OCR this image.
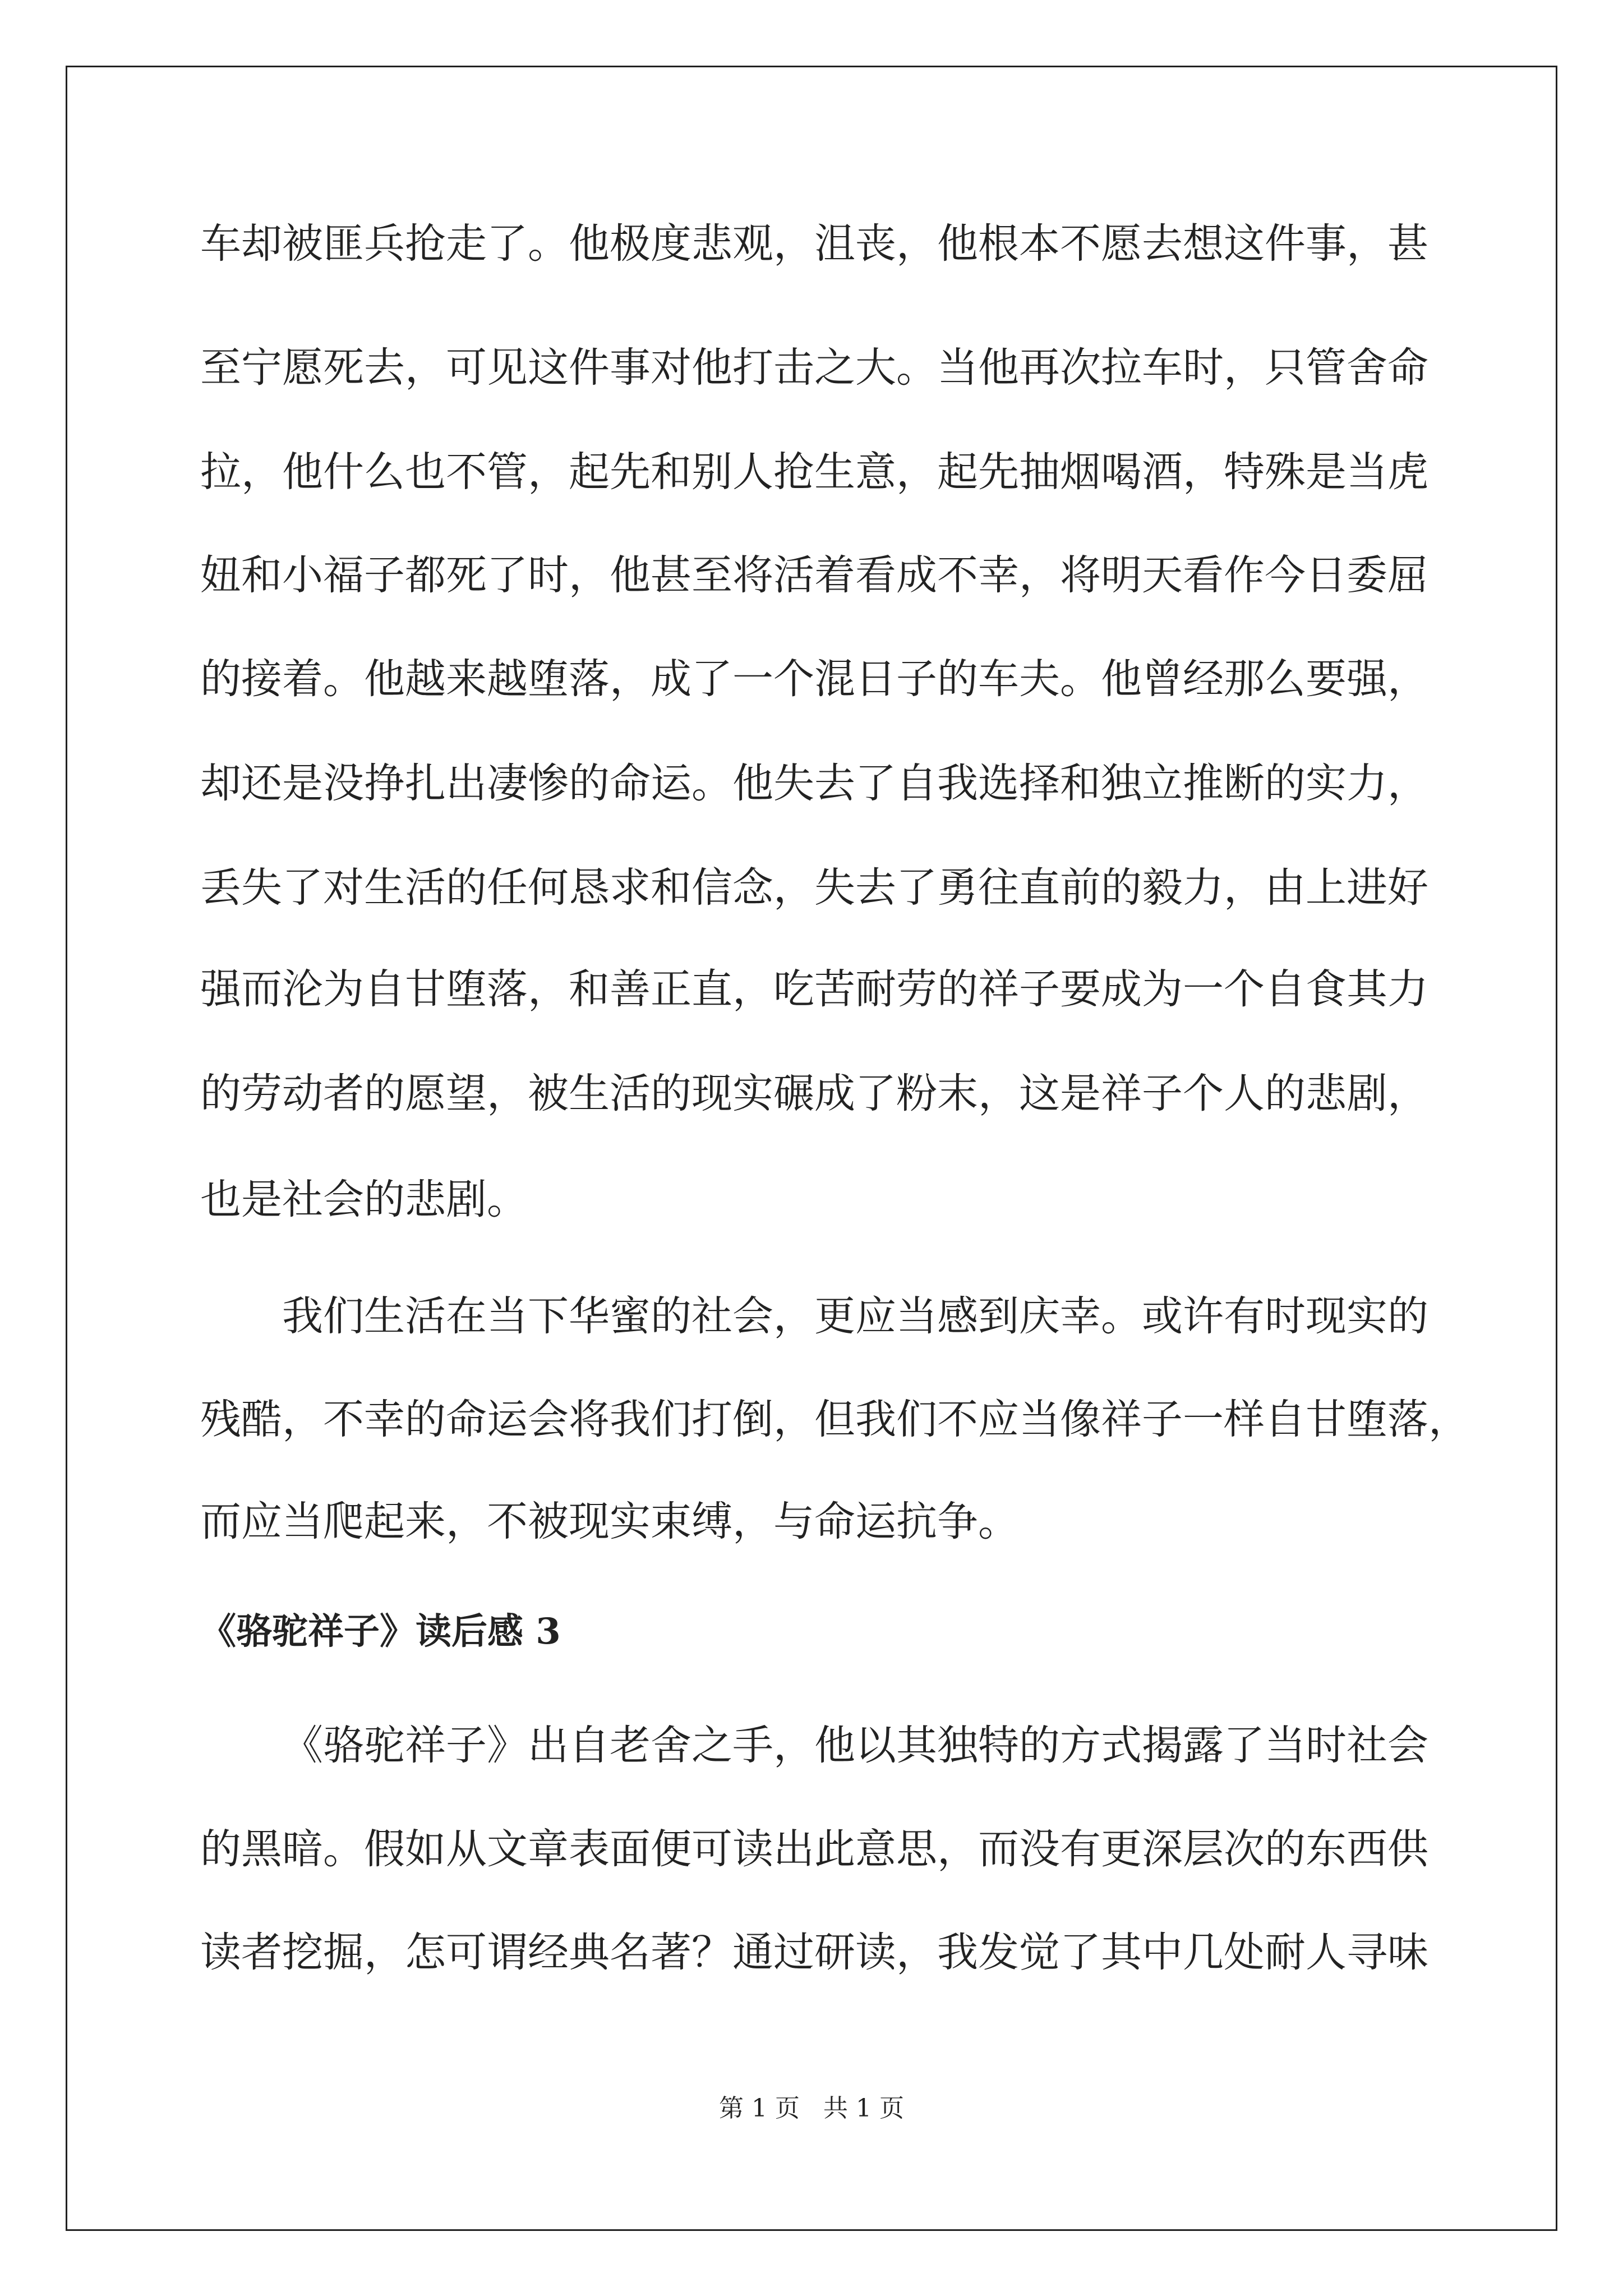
车却被匪兵抢走了。他极度悲观，沮丧，他根本不愿去想这件事，甚

至宁愿死去，可见这件事对他打击之大。当他再次拉车时，只管舍命

拉，他什么也不管，起先和别人抢生意，起先抽烟喝酒，特殊是当虎

妞和小福子都死了时，他甚至将活着看成不幸，将明天看作今日委屈

的接着。他越来越堕落，成了一个混日子的车夫。他曾经那么要强，

却还是没挣扎出凄惨的命运。他失去了自我选择和独立推断的实力，

丢失了对生活的任何恳求和信念，失去了勇往直前的毅力，由上进好

强而沦为自甘堕落，和善正直，吃苦耐劳的祥子要成为一个自食其力

的劳动者的愿望，被生活的现实碾成了粉末，这是祥子个人的悲剧，

也是社会的悲剧。

我们生活在当下华蜜的社会，更应当感到庆幸。或许有时现实的

残酷，不幸的命运会将我们打倒，但我们不应当像祥子一样自甘堕落，

而应当爬起来，不被现实束缚，与命运抗争。

《骆驼祥子》读后感 3

《骆驼祥子》出自老舍之手，他以其独特的方式揭露了当时社会

的黑暗。假如从文章表面便可读出此意思，而没有更深层次的东西供

读者挖掘，怎可谓经典名著？通过研读，我发觉了其中几处耐人寻味

第 1 页   共 1 页
